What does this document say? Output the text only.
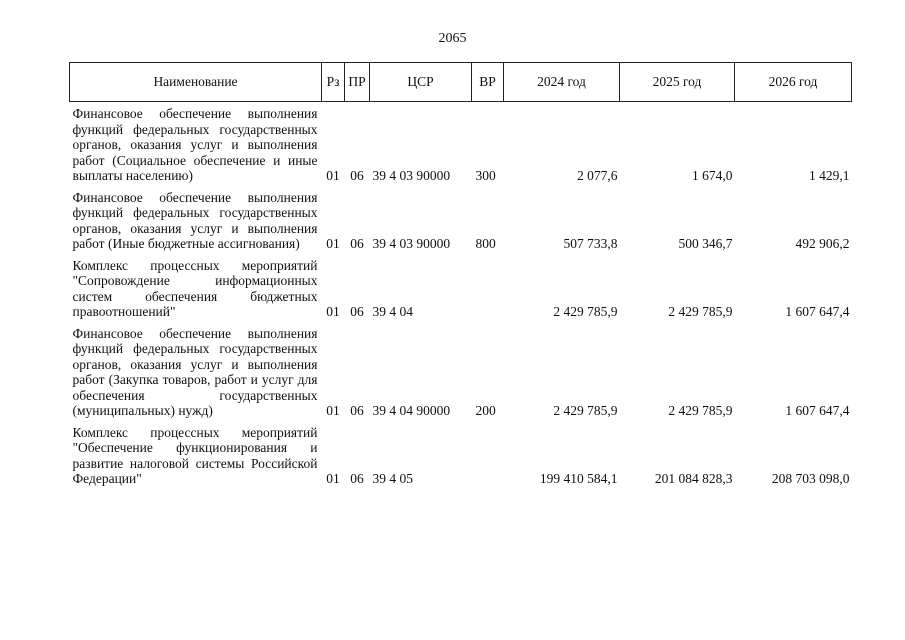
2065
Наименование	Рз	ПР	ЦСР	ВР	2024 год	2025 год	2026 год
Финансовое обеспечение выполнения функций федеральных государственных органов, оказания услуг и выполнения работ (Социальное обеспечение и иные выплаты населению)	01	06	39 4 03 90000	300	2 077,6	1 674,0	1 429,1
Финансовое обеспечение выполнения функций федеральных государственных органов, оказания услуг и выполнения работ (Иные бюджетные ассигнования)	01	06	39 4 03 90000	800	507 733,8	500 346,7	492 906,2
Комплекс процессных мероприятий "Сопровождение информационных систем обеспечения бюджетных правоотношений"	01	06	39 4 04		2 429 785,9	2 429 785,9	1 607 647,4
Финансовое обеспечение выполнения функций федеральных государственных органов, оказания услуг и выполнения работ (Закупка товаров, работ и услуг для обеспечения государственных (муниципальных) нужд)	01	06	39 4 04 90000	200	2 429 785,9	2 429 785,9	1 607 647,4
Комплекс процессных мероприятий "Обеспечение функционирования и развитие налоговой системы Российской Федерации"	01	06	39 4 05		199 410 584,1	201 084 828,3	208 703 098,0
